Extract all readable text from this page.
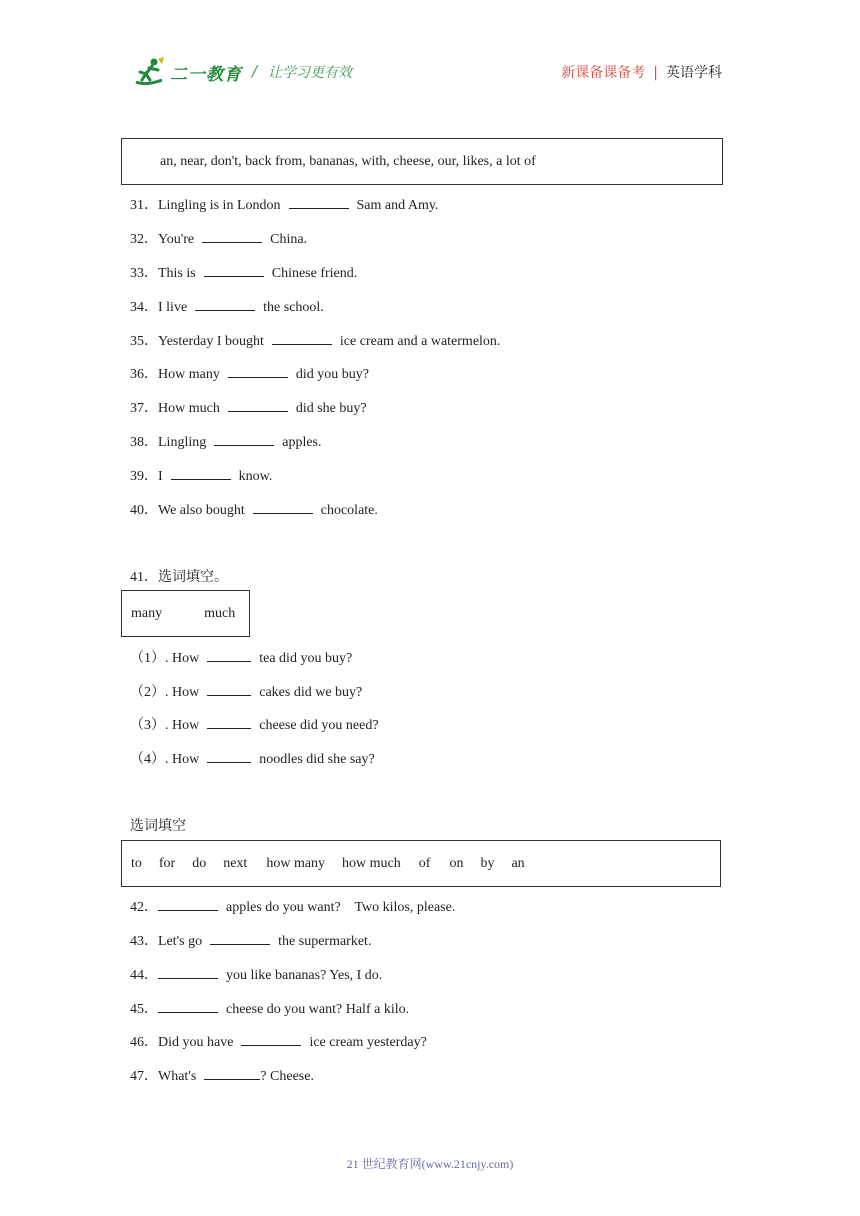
二一教育 / 让学习更有效	新课备课备考 | 英语学科
an, near, don't, back from, bananas, with, cheese, our, likes, a lot of
31．Lingling is in London	Sam and Amy.
32．You're	China.
33．This is	Chinese friend.
34．I live	the school.
35．Yesterday I bought	ice cream and a watermelon.
36．How many	did you buy?
37．How much	did she buy?
38．Lingling	apples.
39．I	know.
40．We also bought	chocolate.
41．选词填空。
many	much
（1）. How	tea did you buy?
（2）. How	cakes did we buy?
（3）. How	cheese did you need?
（4）. How	noodles did she say?
选词填空
to for do next how many how much of on by an
42．	apples do you want?    Two kilos, please.
43．Let's go	the supermarket.
44．	you like bananas? Yes, I do.
45．	cheese do you want? Half a kilo.
46．Did you have	ice cream yesterday?
47．What's	? Cheese.
21 世纪教育网(www.21cnjy.com)
